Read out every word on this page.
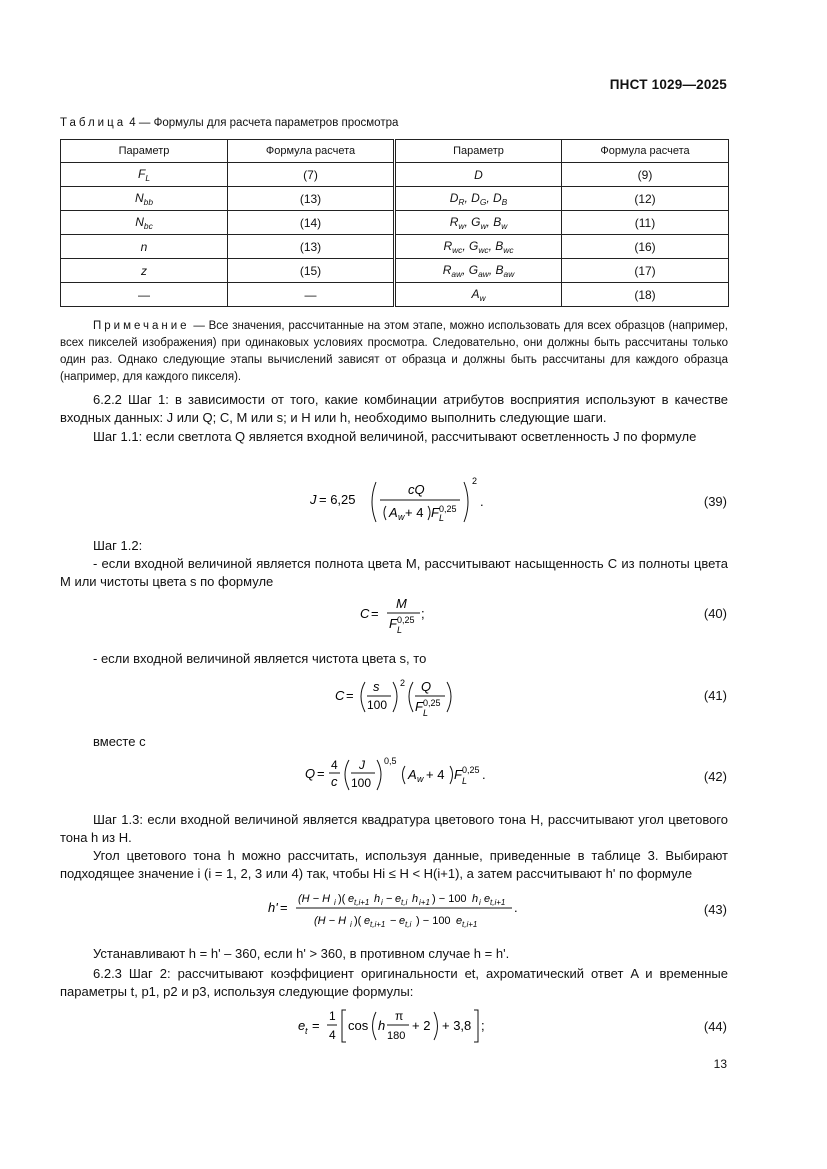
ПНСТ 1029—2025
Таблица 4 — Формулы для расчета параметров просмотра
Параметр	Формула расчета	Параметр	Формула расчета
$F_L$	(7)	D	(9)
$N_{bb}$	(13)	$D_R$, $D_G$, $D_B$	(12)
$N_{bc}$	(14)	$R_w$, $G_w$, $B_w$	(11)
n	(13)	$R_{wc}$, $G_{wc}$, $B_{wc}$	(16)
z	(15)	$R_{aw}$, $G_{aw}$, $B_{aw}$	(17)
—	—	$A_w$	(18)
Примечание — Все значения, рассчитанные на этом этапе, можно использовать для всех образцов (например, всех пикселей изображения) при одинаковых условиях просмотра. Следовательно, они должны быть рассчитаны только один раз. Однако следующие этапы вычислений зависят от образца и должны быть рассчитаны для каждого образца (например, для каждого пикселя).
6.2.2 Шаг 1: в зависимости от того, какие комбинации атрибутов восприятия используют в качестве входных данных: J или Q; C, M или s; и H или h, необходимо выполнить следующие шаги.
Шаг 1.1: если светлота Q является входной величиной, рассчитывают осветленность J по формуле
J = 6,25
cQ
A w + 4 F L
0,25
2
.	(39)
Шаг 1.2:
- если входной величиной является полнота цвета M, рассчитывают насыщенность C из полноты цвета M или чистоты цвета s по формуле
C =
M
F L
0,25 ;	(40)
- если входной величиной является чистота цвета s, то
C =
s
100
2 Q
F L
0,25	(41)
вместе с
Q =
4
c
J
100
0,5
A w + 4 F L
0,25 .	(42)
Шаг 1.3: если входной величиной является квадратура цветового тона H, рассчитывают угол цветового тона h из H.
Угол цветового тона h можно рассчитать, используя данные, приведенные в таблице 3. Выбирают подходящее значение i (i = 1, 2, 3 или 4) так, чтобы Hi ≤ H < H(i+1), а затем рассчитывают h' по формуле
h' =
(H − H i )( e t,i+1 h i − e t,i h i+1 ) − 100 h i e t,i+1
(H − H i )( e t,i+1 − e t,i ) − 100 e t,i+1
.	(43)
Устанавливают h = h' – 360, если h' > 360, в противном случае h = h'.
6.2.3 Шаг 2: рассчитывают коэффициент оригинальности et, ахроматический ответ A и временные параметры t, p1, p2 и p3, используя следующие формулы:
e t =
1
4
cos h
π
180
+ 2 + 3,8 ;	(44)
13
